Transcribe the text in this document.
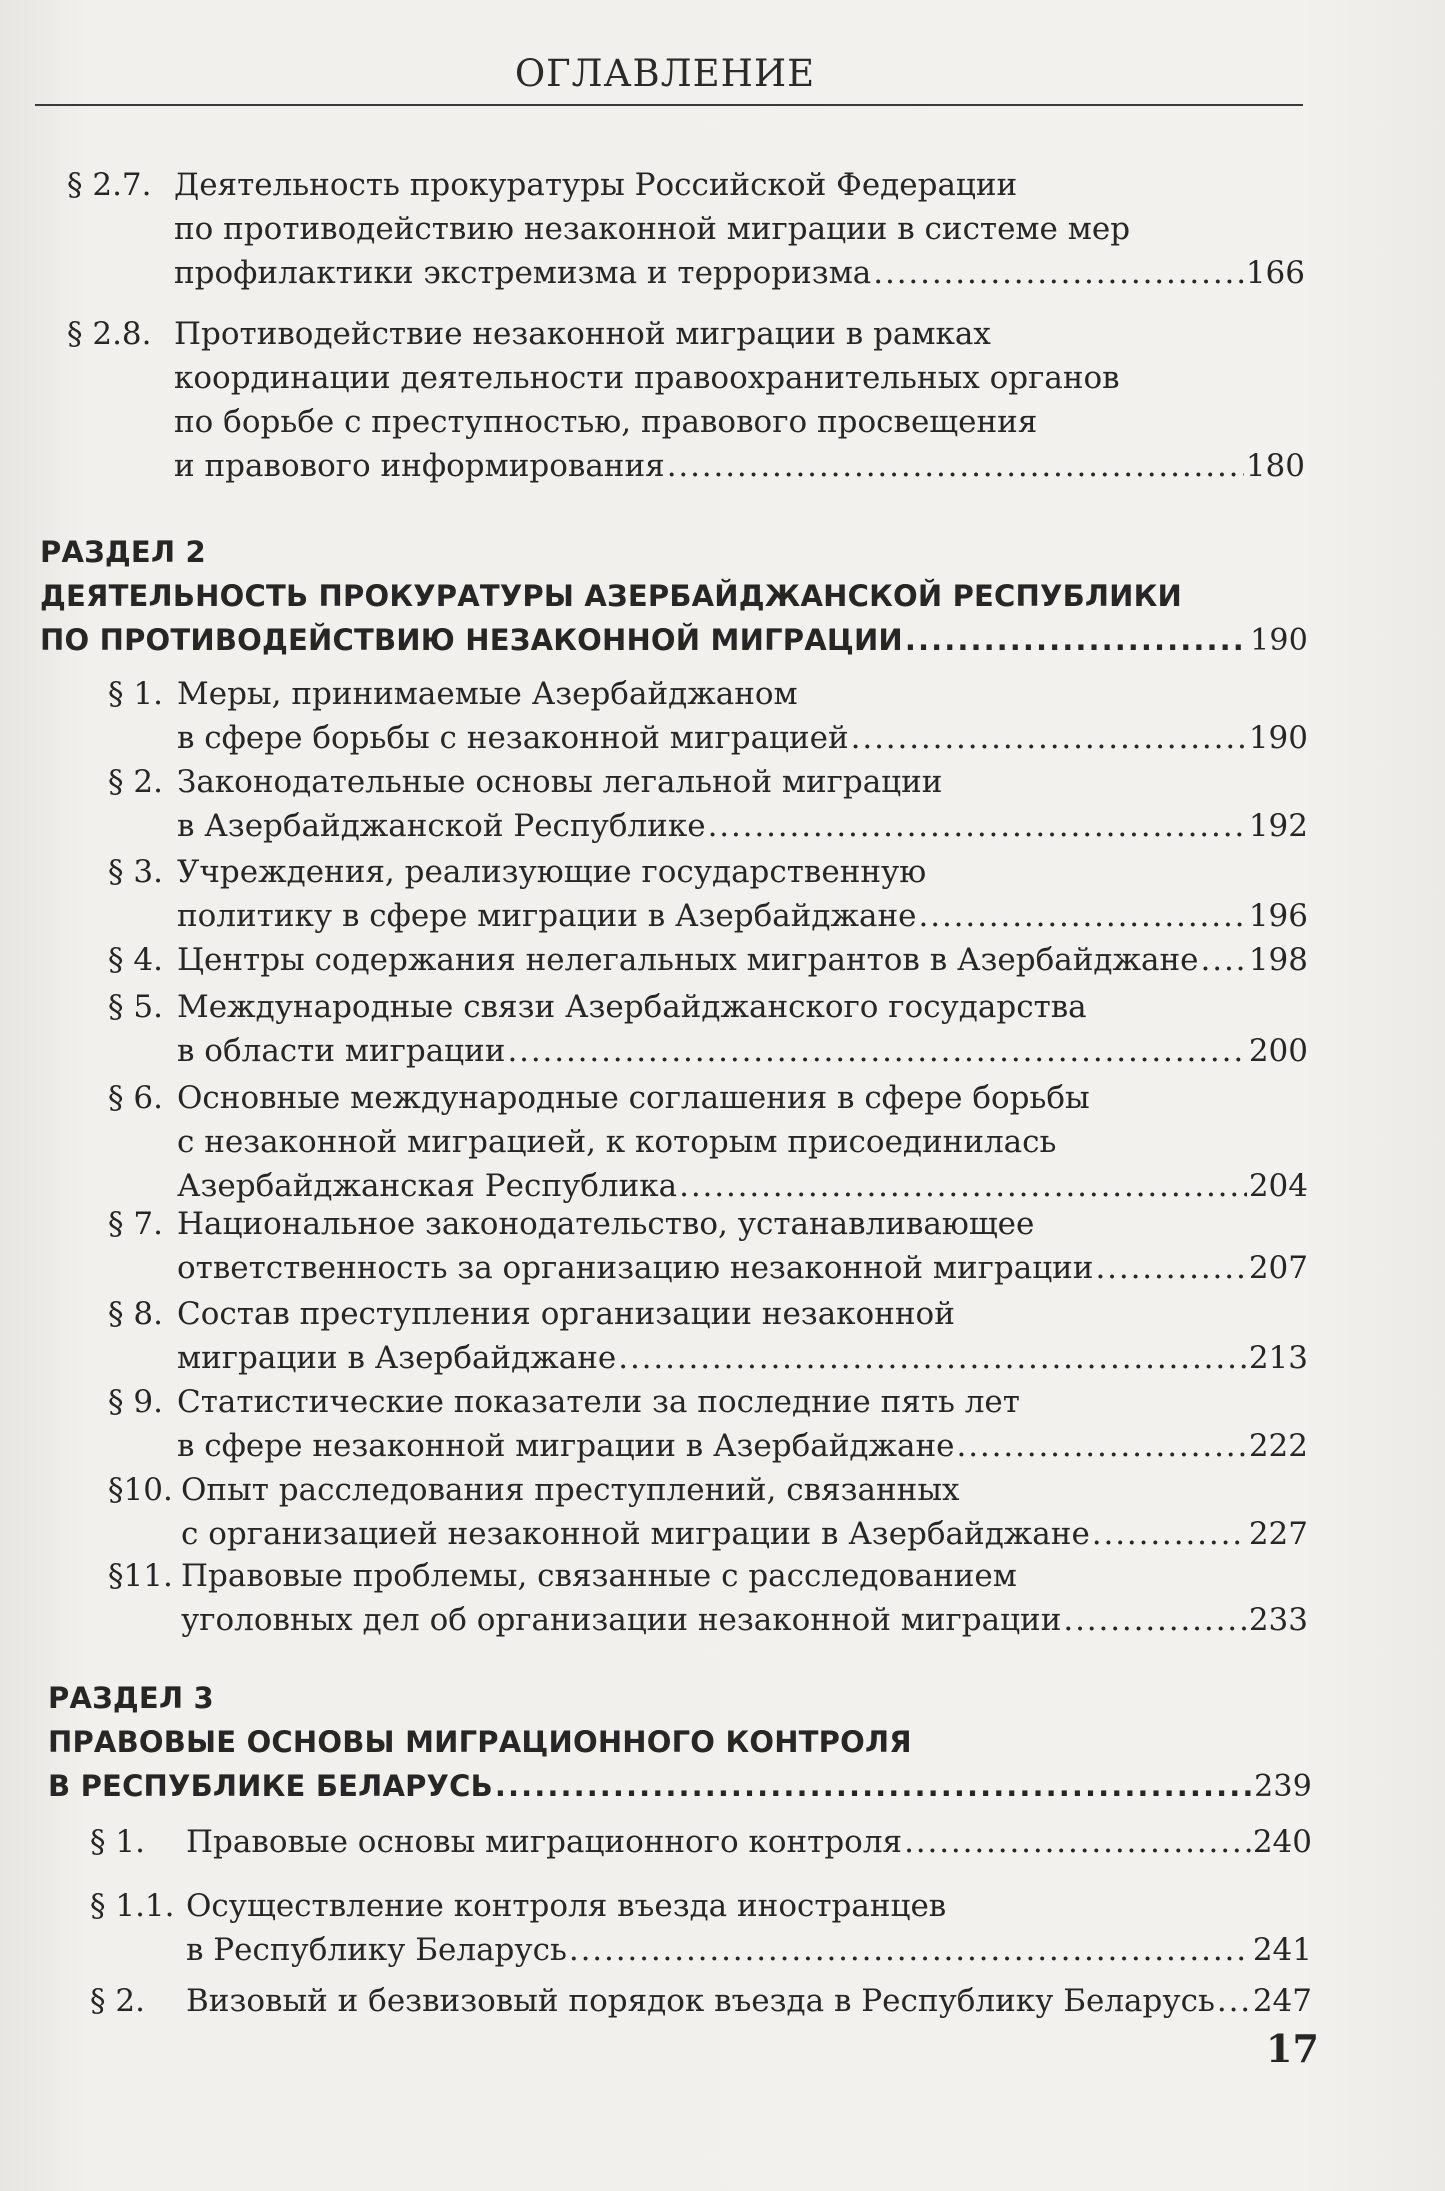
ОГЛАВЛЕНИЕ
§ 2.7. Деятельность прокуратуры Российской Федерации
по противодействию незаконной миграции в системе мер
профилактики экстремизма и терроризма . . .	166
§ 2.8. Противодействие незаконной миграции в рамках
координации деятельности правоохранительных органов
по борьбе с преступностью, правового просвещения
и правового информирования . . .	180
РАЗДЕЛ 2
ДЕЯТЕЛЬНОСТЬ ПРОКУРАТУРЫ АЗЕРБАЙДЖАНСКОЙ РЕСПУБЛИКИ
ПО ПРОТИВОДЕЙСТВИЮ НЕЗАКОННОЙ МИГРАЦИИ . . .	190
§ 1. Меры, принимаемые Азербайджаном
в сфере борьбы с незаконной миграцией . . .	190
§ 2. Законодательные основы легальной миграции
в Азербайджанской Республике . . .	192
§ 3. Учреждения, реализующие государственную
политику в сфере миграции в Азербайджане . . .	196
§ 4. Центры содержания нелегальных мигрантов в Азербайджане . . . 198
§ 5. Международные связи Азербайджанского государства
в области миграции . . .	200
§ 6. Основные международные соглашения в сфере борьбы
с незаконной миграцией, к которым присоединилась
Азербайджанская Республика . . .	204
§ 7. Национальное законодательство, устанавливающее
ответственность за организацию незаконной миграции . . .	207
§ 8. Состав преступления организации незаконной
миграции в Азербайджане . . .	213
§ 9. Статистические показатели за последние пять лет
в сфере незаконной миграции в Азербайджане . . .	222
§10. Опыт расследования преступлений, связанных
с организацией незаконной миграции в Азербайджане . . .	227
§11. Правовые проблемы, связанные с расследованием
уголовных дел об организации незаконной миграции . . .	233
РАЗДЕЛ 3
ПРАВОВЫЕ ОСНОВЫ МИГРАЦИОННОГО КОНТРОЛЯ
В РЕСПУБЛИКЕ БЕЛАРУСЬ . . .	239
§ 1. Правовые основы миграционного контроля . . .	240
§ 1.1. Осуществление контроля въезда иностранцев
в Республику Беларусь . . .	241
§ 2. Визовый и безвизовый порядок въезда в Республику Беларусь . . . 247
17
